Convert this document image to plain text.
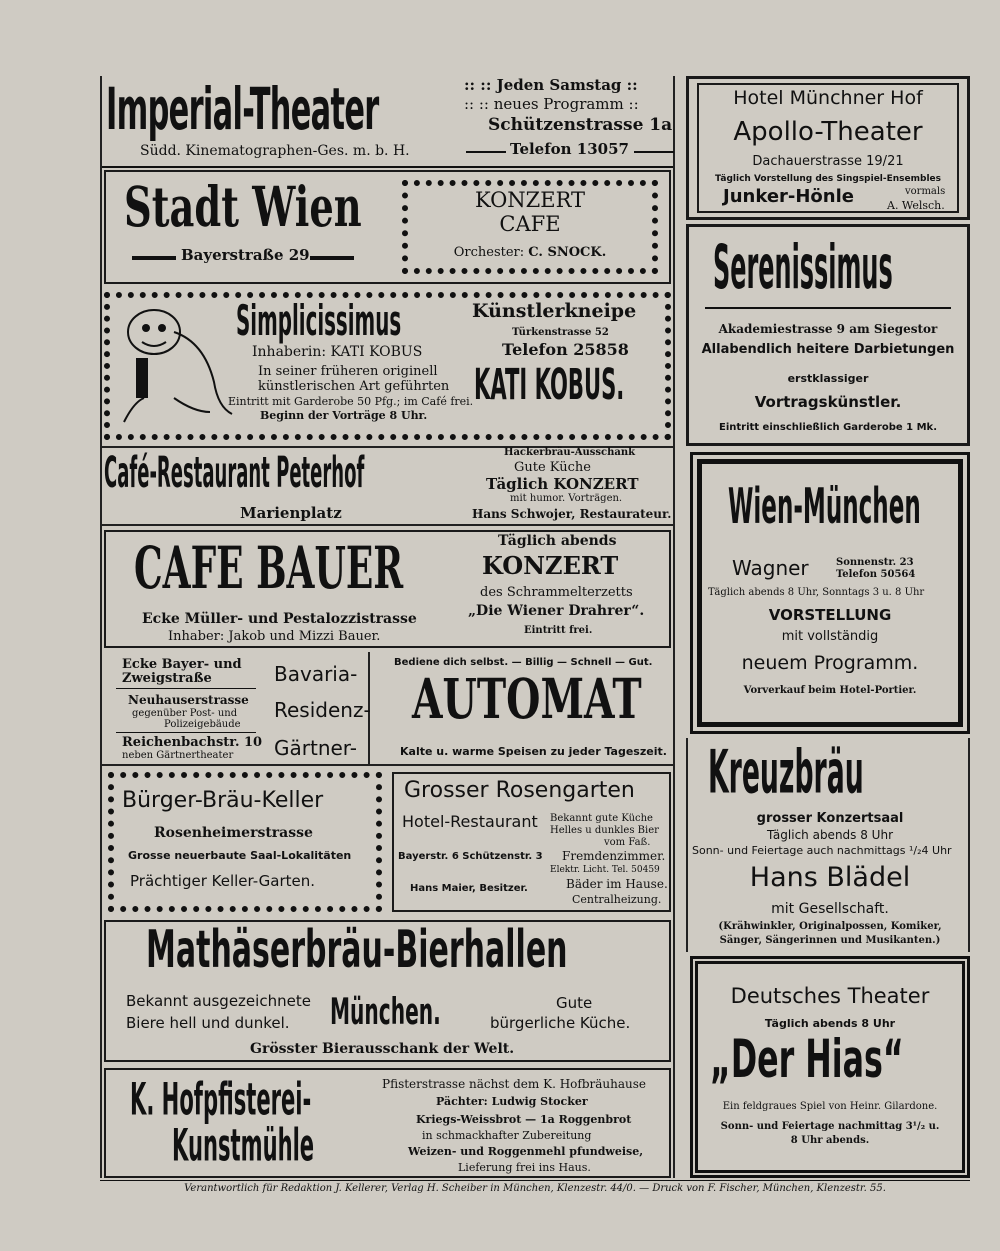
Imperial-Theater
Südd. Kinematographen-Ges. m. b. H.
:: :: Jeden Samstag ::
:: :: neues Programm ::
Schützenstrasse 1a
Telefon 13057
Stadt Wien
Bayerstraße 29
KONZERT
CAFE
Orchester: C. SNOCK.
Simplicissimus
Inhaberin: KATI KOBUS
In seiner früheren originell
künstlerischen Art geführten
Eintritt mit Garderobe 50 Pfg.; im Café frei.
Beginn der Vorträge 8 Uhr.
Künstlerkneipe
Türkenstrasse 52
Telefon 25858
KATI KOBUS.
Café-Restaurant Peterhof
Marienplatz
Hackerbräu-Ausschank
Gute Küche
Täglich KONZERT
mit humor. Vorträgen.
Hans Schwojer, Restaurateur.
CAFE BAUER
Ecke Müller- und Pestalozzistrasse
Inhaber: Jakob und Mizzi Bauer.
Täglich abends
KONZERT
des Schrammelterzetts
„Die Wiener Drahrer“.
Eintritt frei.
Ecke Bayer- und
Zweigstraße
Neuhauserstrasse
gegenüber Post- und
Polizeigebäude
Reichenbachstr. 10
neben Gärtnertheater
Bavaria-
Residenz-
Gärtner-
Bediene dich selbst. — Billig — Schnell — Gut.
AUTOMAT
Kalte u. warme Speisen zu jeder Tageszeit.
Bürger-Bräu-Keller
Rosenheimerstrasse
Grosse neuerbaute Saal-Lokalitäten
Prächtiger Keller-Garten.
Grosser Rosengarten
Hotel-Restaurant Bekannt gute Küche
Helles u dunkles Bier
vom Faß.
Bayerstr. 6 Schützenstr. 3 Fremdenzimmer.
Elektr. Licht. Tel. 50459
Hans Maier, Besitzer.	Bäder im Hause.
Centralheizung.
Mathäserbräu-Bierhallen
Bekannt ausgezeichnete
Biere hell und dunkel. München.	Gute
bürgerliche Küche.
Grösster Bierausschank der Welt.
K. Hofpfisterei-
Kunstmühle
Pfisterstrasse nächst dem K. Hofbräuhause
Pächter: Ludwig Stocker
Kriegs-Weissbrot — 1a Roggenbrot
in schmackhafter Zubereitung
Weizen- und Roggenmehl pfundweise,
Lieferung frei ins Haus.
Hotel Münchner Hof
Apollo-Theater
Dachauerstrasse 19/21
Täglich Vorstellung des Singspiel-Ensembles
Junker-Hönle	vormals
A. Welsch.
Serenissimus
Akademiestrasse 9 am Siegestor
Allabendlich heitere Darbietungen
erstklassiger
Vortragskünstler.
Eintritt einschließlich Garderobe 1 Mk.
Wien-München
Wagner	Sonnenstr. 23
Telefon 50564
Täglich abends 8 Uhr, Sonntags 3 u. 8 Uhr
VORSTELLUNG
mit vollständig
neuem Programm.
Vorverkauf beim Hotel-Portier.
Kreuzbräu
grosser Konzertsaal
Täglich abends 8 Uhr
Sonn- und Feiertage auch nachmittags ¹/₂4 Uhr
Hans Blädel
mit Gesellschaft.
(Krähwinkler, Originalpossen, Komiker,
Sänger, Sängerinnen und Musikanten.)
Deutsches Theater
Täglich abends 8 Uhr
„Der Hias“
Ein feldgraues Spiel von Heinr. Gilardone.
Sonn- und Feiertage nachmittag 3¹/₂ u.
8 Uhr abends.
Verantwortlich für Redaktion J. Kellerer, Verlag H. Scheiber in München, Klenzestr. 44/0. — Druck von F. Fischer, München, Klenzestr. 55.
